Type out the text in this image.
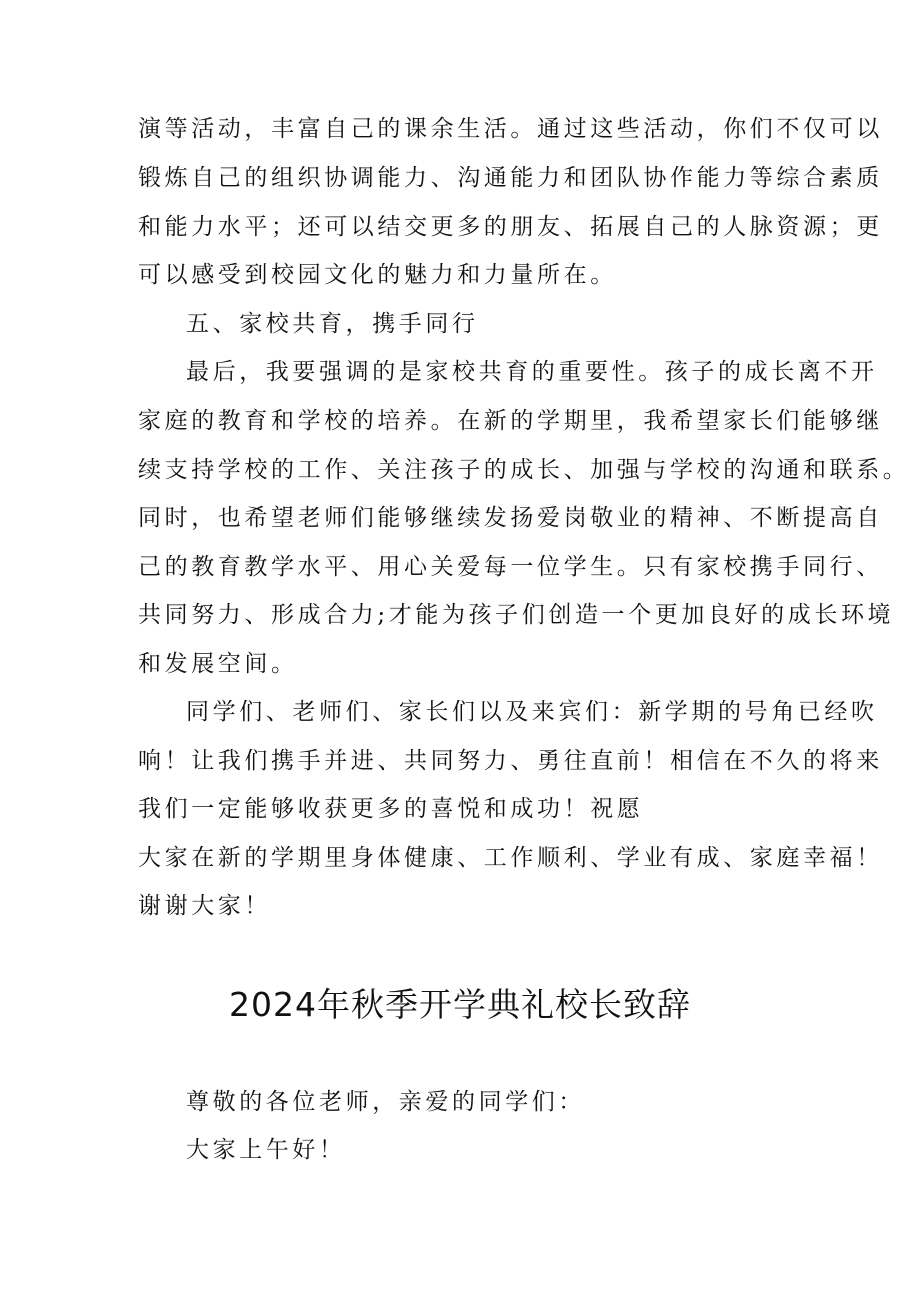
演等活动，丰富自己的课余生活。通过这些活动，你们不仅可以
锻炼自己的组织协调能力、沟通能力和团队协作能力等综合素质
和能力水平；还可以结交更多的朋友、拓展自己的人脉资源；更
可以感受到校园文化的魅力和力量所在。
五、家校共育，携手同行
最后，我要强调的是家校共育的重要性。孩子的成长离不开
家庭的教育和学校的培养。在新的学期里，我希望家长们能够继
续支持学校的工作、关注孩子的成长、加强与学校的沟通和联系。
同时，也希望老师们能够继续发扬爱岗敬业的精神、不断提高自
己的教育教学水平、用心关爱每一位学生。只有家校携手同行、
共同努力、形成合力;才能为孩子们创造一个更加良好的成长环境
和发展空间。
同学们、老师们、家长们以及来宾们：新学期的号角已经吹
响！让我们携手并进、共同努力、勇往直前！相信在不久的将来
我们一定能够收获更多的喜悦和成功！祝愿
大家在新的学期里身体健康、工作顺利、学业有成、家庭幸福！
谢谢大家！
2024年秋季开学典礼校长致辞
尊敬的各位老师，亲爱的同学们：
大家上午好！
